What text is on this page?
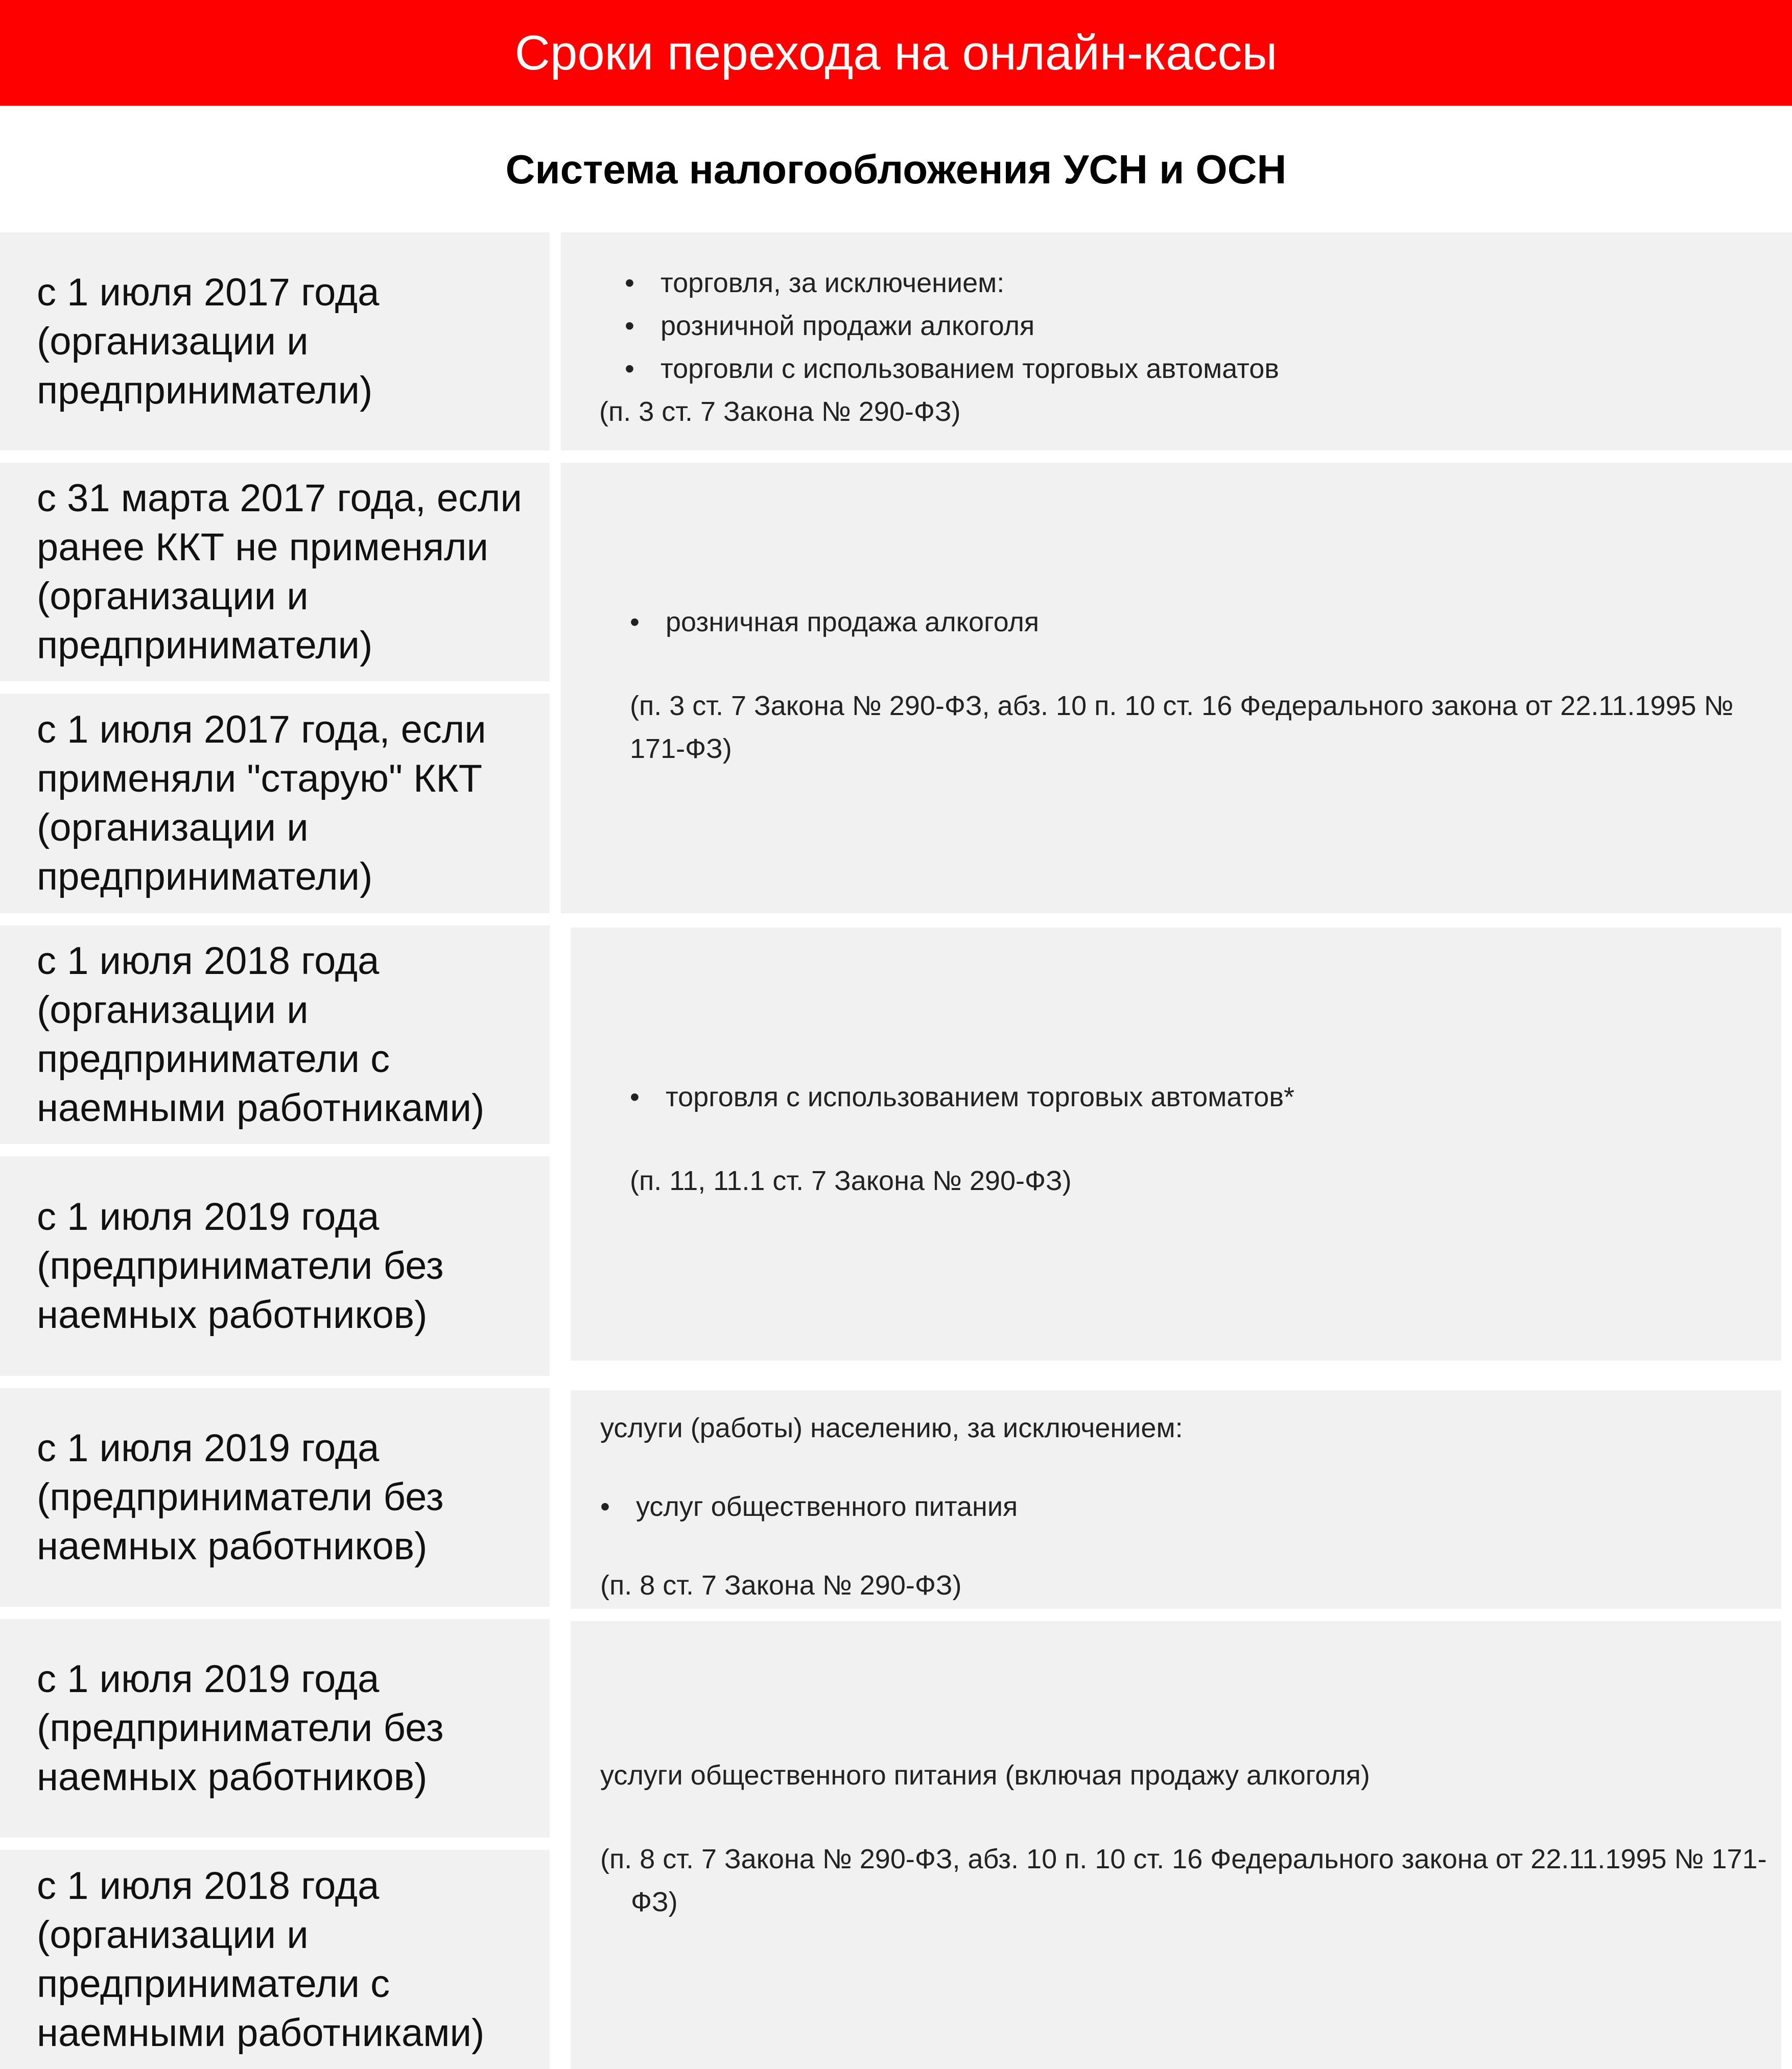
Сроки перехода на онлайн-кассы
Система налогообложения УСН и ОСН
с 1 июля 2017 года (организации и предприниматели)

• торговля, за исключением:

• розничной продажи алкоголя

• торговли с использованием торговых автоматов

(п. 3 ст. 7 Закона № 290-ФЗ)

с 31 марта 2017 года, если ранее ККТ не применяли (организации и предприниматели)
с 1 июля 2017 года, если применяли "старую" ККТ (организации и предприниматели)

• розничная продажа алкоголя

(п. 3 ст. 7 Закона № 290-ФЗ, абз. 10 п. 10 ст. 16 Федерального закона от 22.11.1995 №

171-ФЗ)

с 1 июля 2018 года (организации и предприниматели с наемными работниками)
с 1 июля 2019 года (предприниматели без наемных работников)

• торговля с использованием торговых автоматов*

(п. 11, 11.1 ст. 7 Закона № 290-ФЗ)

с 1 июля 2019 года (предприниматели без наемных работников)

услуги (работы) населению, за исключением:

• услуг общественного питания

(п. 8 ст. 7 Закона № 290-ФЗ)

с 1 июля 2019 года (предприниматели без наемных работников)
с 1 июля 2018 года (организации и предприниматели с наемными работниками)

услуги общественного питания (включая продажу алкоголя)

(п. 8 ст. 7 Закона № 290-ФЗ, абз. 10 п. 10 ст. 16 Федерального закона от 22.11.1995 № 171-

ФЗ)
